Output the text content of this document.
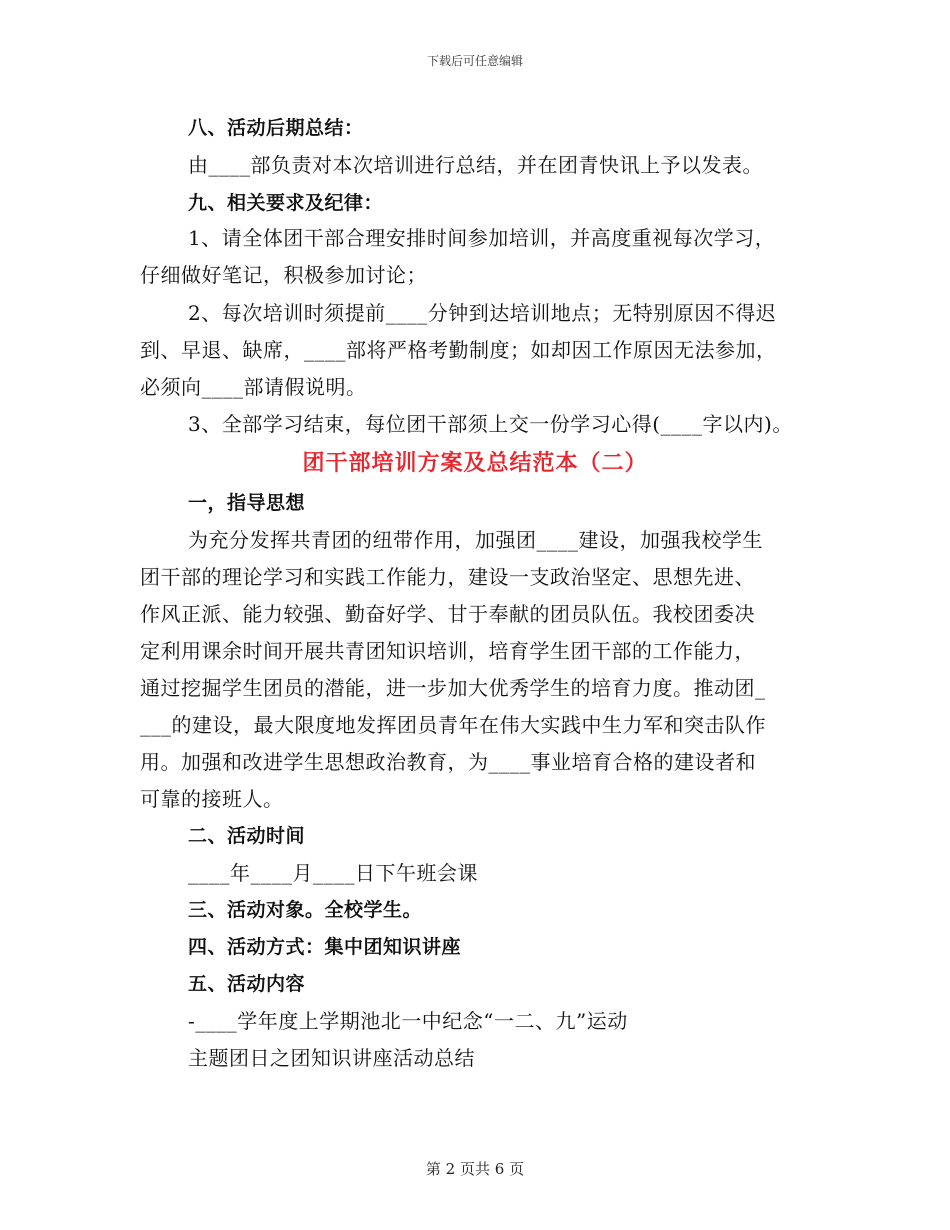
下载后可任意编辑
八、活动后期总结：
由____部负责对本次培训进行总结，并在团青快讯上予以发表。
九、相关要求及纪律：
1、请全体团干部合理安排时间参加培训，并高度重视每次学习，
仔细做好笔记，积极参加讨论；
2、每次培训时须提前____分钟到达培训地点；无特别原因不得迟
到、早退、缺席，____部将严格考勤制度；如却因工作原因无法参加，
必须向____部请假说明。
3、全部学习结束，每位团干部须上交一份学习心得(____字以内)。
团干部培训方案及总结范本（二）
一，指导思想
为充分发挥共青团的纽带作用，加强团____建设，加强我校学生
团干部的理论学习和实践工作能力，建设一支政治坚定、思想先进、
作风正派、能力较强、勤奋好学、甘于奉献的团员队伍。我校团委决
定利用课余时间开展共青团知识培训，培育学生团干部的工作能力，
通过挖掘学生团员的潜能，进一步加大优秀学生的培育力度。推动团_
___的建设，最大限度地发挥团员青年在伟大实践中生力军和突击队作
用。加强和改进学生思想政治教育，为____事业培育合格的建设者和
可靠的接班人。
二、活动时间
____年____月____日下午班会课
三、活动对象。全校学生。
四、活动方式：集中团知识讲座
五、活动内容
-____学年度上学期池北一中纪念“一二、九”运动
主题团日之团知识讲座活动总结
第 2 页共 6 页
